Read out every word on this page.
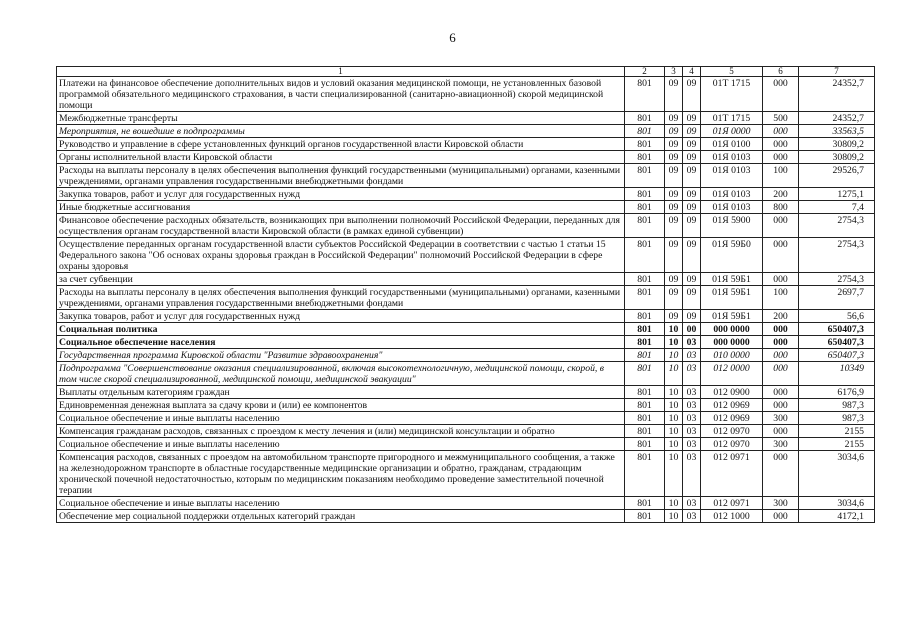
6
1	2	3	4	5	6	7
Платежи на финансовое обеспечение дополнительных видов и условий оказания медицинской помощи, не установленных базовой программой обязательного медицинского страхования, в части специализированной (санитарно-авиационной) скорой медицинской помощи	801	09	09	01Т 1715	000	24352,7
Межбюджетные трансферты	801	09	09	01Т 1715	500	24352,7
Мероприятия, не вошедшие в подпрограммы	801	09	09	01Я 0000	000	33563,5
Руководство и управление в сфере установленных функций органов государственной власти Кировской области	801	09	09	01Я 0100	000	30809,2
Органы исполнительной власти Кировской области	801	09	09	01Я 0103	000	30809,2
Расходы на выплаты персоналу в целях обеспечения выполнения функций государственными (муниципальными) органами, казенными учреждениями, органами управления государственными внебюджетными фондами	801	09	09	01Я 0103	100	29526,7
Закупка товаров, работ и услуг для государственных нужд	801	09	09	01Я 0103	200	1275,1
Иные бюджетные ассигнования	801	09	09	01Я 0103	800	7,4
Финансовое обеспечение расходных обязательств, возникающих при выполнении полномочий Российской Федерации, переданных для осуществления органам государственной власти Кировской области (в рамках единой субвенции)	801	09	09	01Я 5900	000	2754,3
Осуществление переданных органам государственной власти субъектов Российской Федерации в соответствии с частью 1 статьи 15 Федерального закона "Об основах охраны здоровья граждан в Российской Федерации" полномочий Российской Федерации в сфере охраны здоровья	801	09	09	01Я 59Б0	000	2754,3
за счет субвенции	801	09	09	01Я 59Б1	000	2754,3
Расходы на выплаты персоналу в целях обеспечения выполнения функций государственными (муниципальными) органами, казенными учреждениями, органами управления государственными внебюджетными фондами	801	09	09	01Я 59Б1	100	2697,7
Закупка товаров, работ и услуг для государственных нужд	801	09	09	01Я 59Б1	200	56,6
Социальная политика	801	10	00	000 0000	000	650407,3
Социальное обеспечение населения	801	10	03	000 0000	000	650407,3
Государственная программа Кировской области "Развитие здравоохранения"	801	10	03	010 0000	000	650407,3
Подпрограмма "Совершенствование оказания специализированной, включая высокотехнологичную, медицинской помощи, скорой, в том числе скорой специализированной, медицинской помощи, медицинской эвакуации"	801	10	03	012 0000	000	10349
Выплаты отдельным категориям граждан	801	10	03	012 0900	000	6176,9
Единовременная денежная выплата за сдачу крови и (или) ее компонентов	801	10	03	012 0969	000	987,3
Социальное обеспечение и иные выплаты населению	801	10	03	012 0969	300	987,3
Компенсация гражданам расходов, связанных с проездом к месту лечения и (или) медицинской консультации и обратно	801	10	03	012 0970	000	2155
Социальное обеспечение и иные выплаты населению	801	10	03	012 0970	300	2155
Компенсация расходов, связанных с проездом на автомобильном транспорте пригородного и межмуниципального сообщения, а также на железнодорожном транспорте в областные государственные медицинские организации и обратно, гражданам, страдающим хронической почечной недостаточностью, которым по медицинским показаниям необходимо проведение заместительной почечной терапии	801	10	03	012 0971	000	3034,6
Социальное обеспечение и иные выплаты населению	801	10	03	012 0971	300	3034,6
Обеспечение мер социальной поддержки отдельных категорий граждан	801	10	03	012 1000	000	4172,1
